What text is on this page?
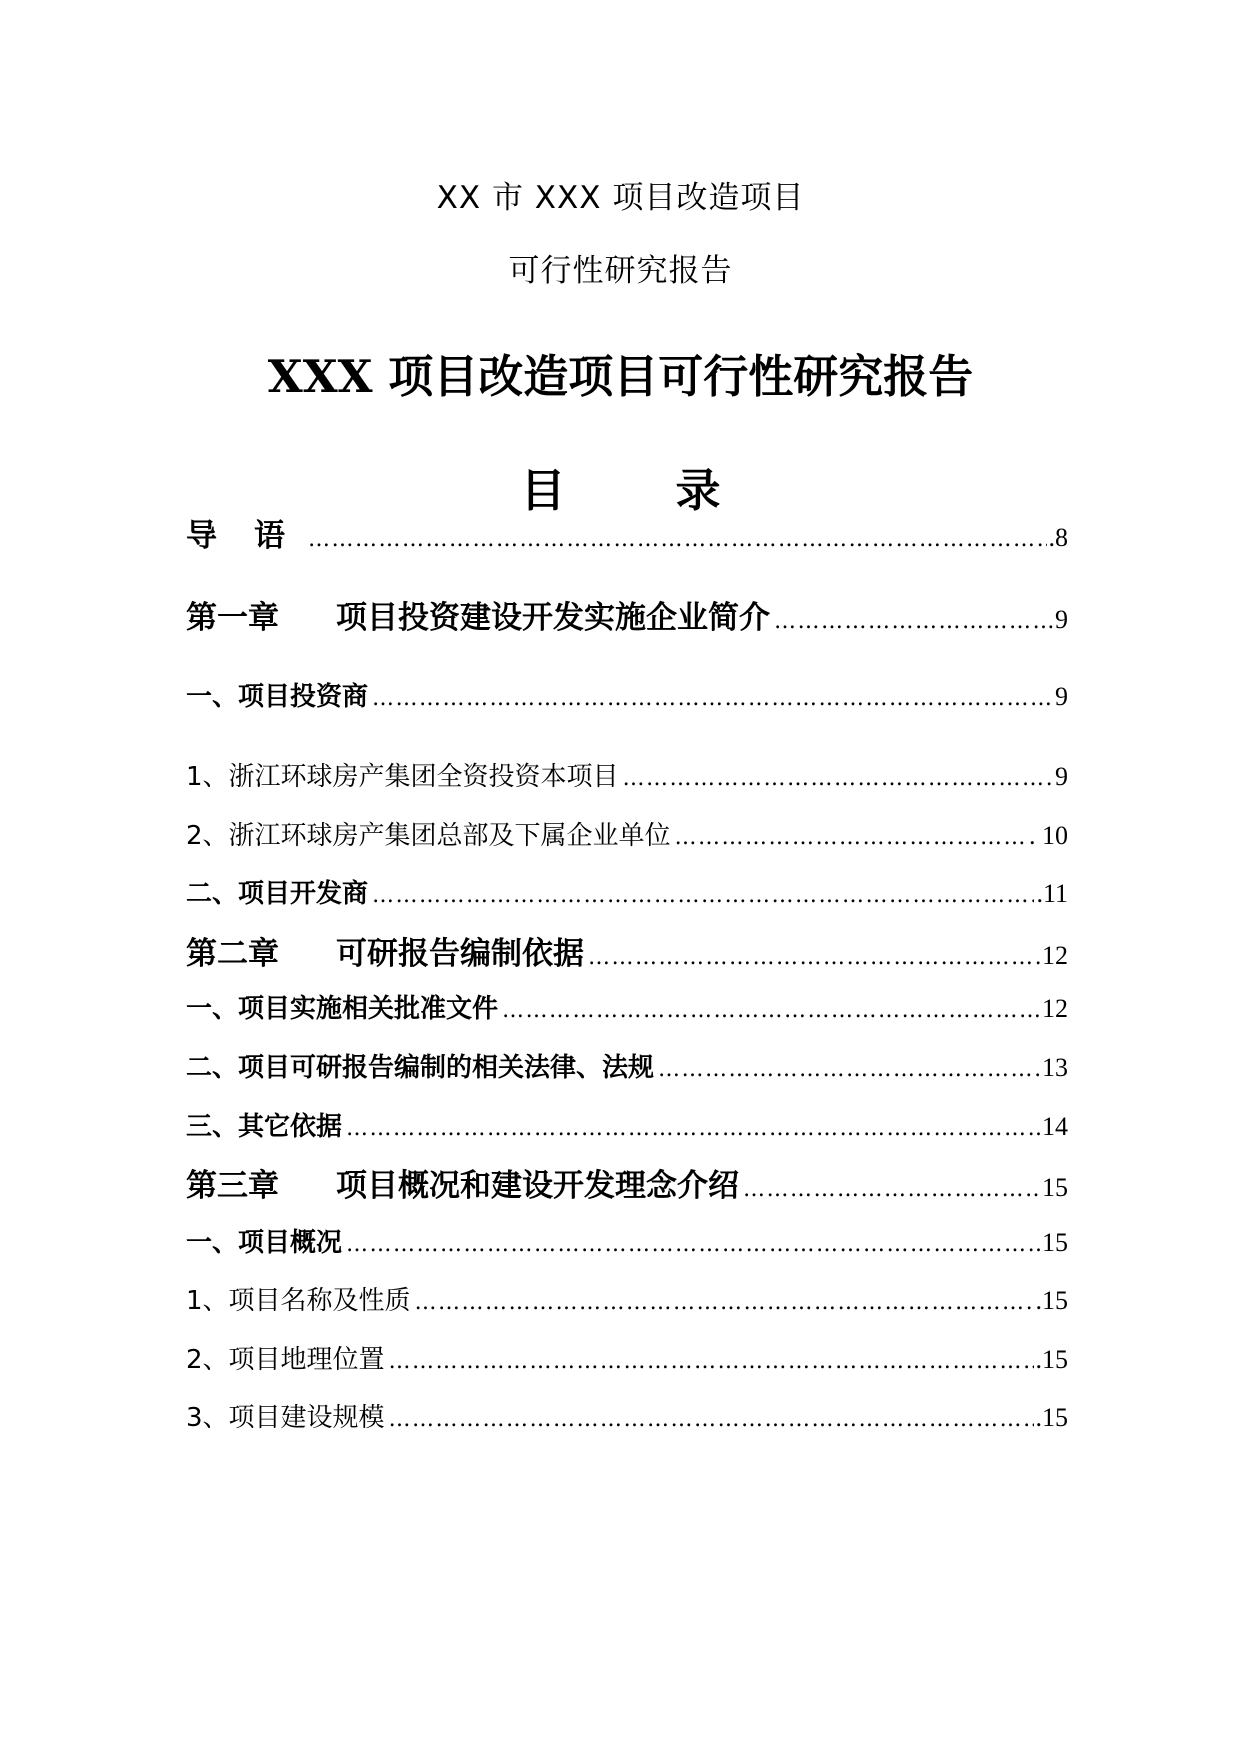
XX 市 XXX 项目改造项目
可行性研究报告
XXX 项目改造项目可行性研究报告
目 录
导	语 ……………………………………………………………………………………………………………………………………………………	.8
第一章	项目投资建设开发实施企业简介 ……………………………………………………………………………………………………………………………………………………	9
一、项目投资商 ……………………………………………………………………………………………………………………………………………………	9
1、浙江环球房产集团全资投资本项目 ……………………………………………………………………………………………………………………………………………………	9
2、浙江环球房产集团总部及下属企业单位 ……………………………………………………………………………………………………………………………………………………	. 10
二、项目开发商 ……………………………………………………………………………………………………………………………………………………	.11
第二章	可研报告编制依据 ……………………………………………………………………………………………………………………………………………………	12
一、项目实施相关批准文件 ……………………………………………………………………………………………………………………………………………………	12
二、项目可研报告编制的相关法律、法规 ……………………………………………………………………………………………………………………………………………………	13
三、其它依据 ……………………………………………………………………………………………………………………………………………………	14
第三章	项目概况和建设开发理念介绍 ……………………………………………………………………………………………………………………………………………………	15
一、项目概况 ……………………………………………………………………………………………………………………………………………………	15
1、项目名称及性质 ……………………………………………………………………………………………………………………………………………………	.15
2、项目地理位置 ……………………………………………………………………………………………………………………………………………………	.15
3、项目建设规模 ……………………………………………………………………………………………………………………………………………………	.15
